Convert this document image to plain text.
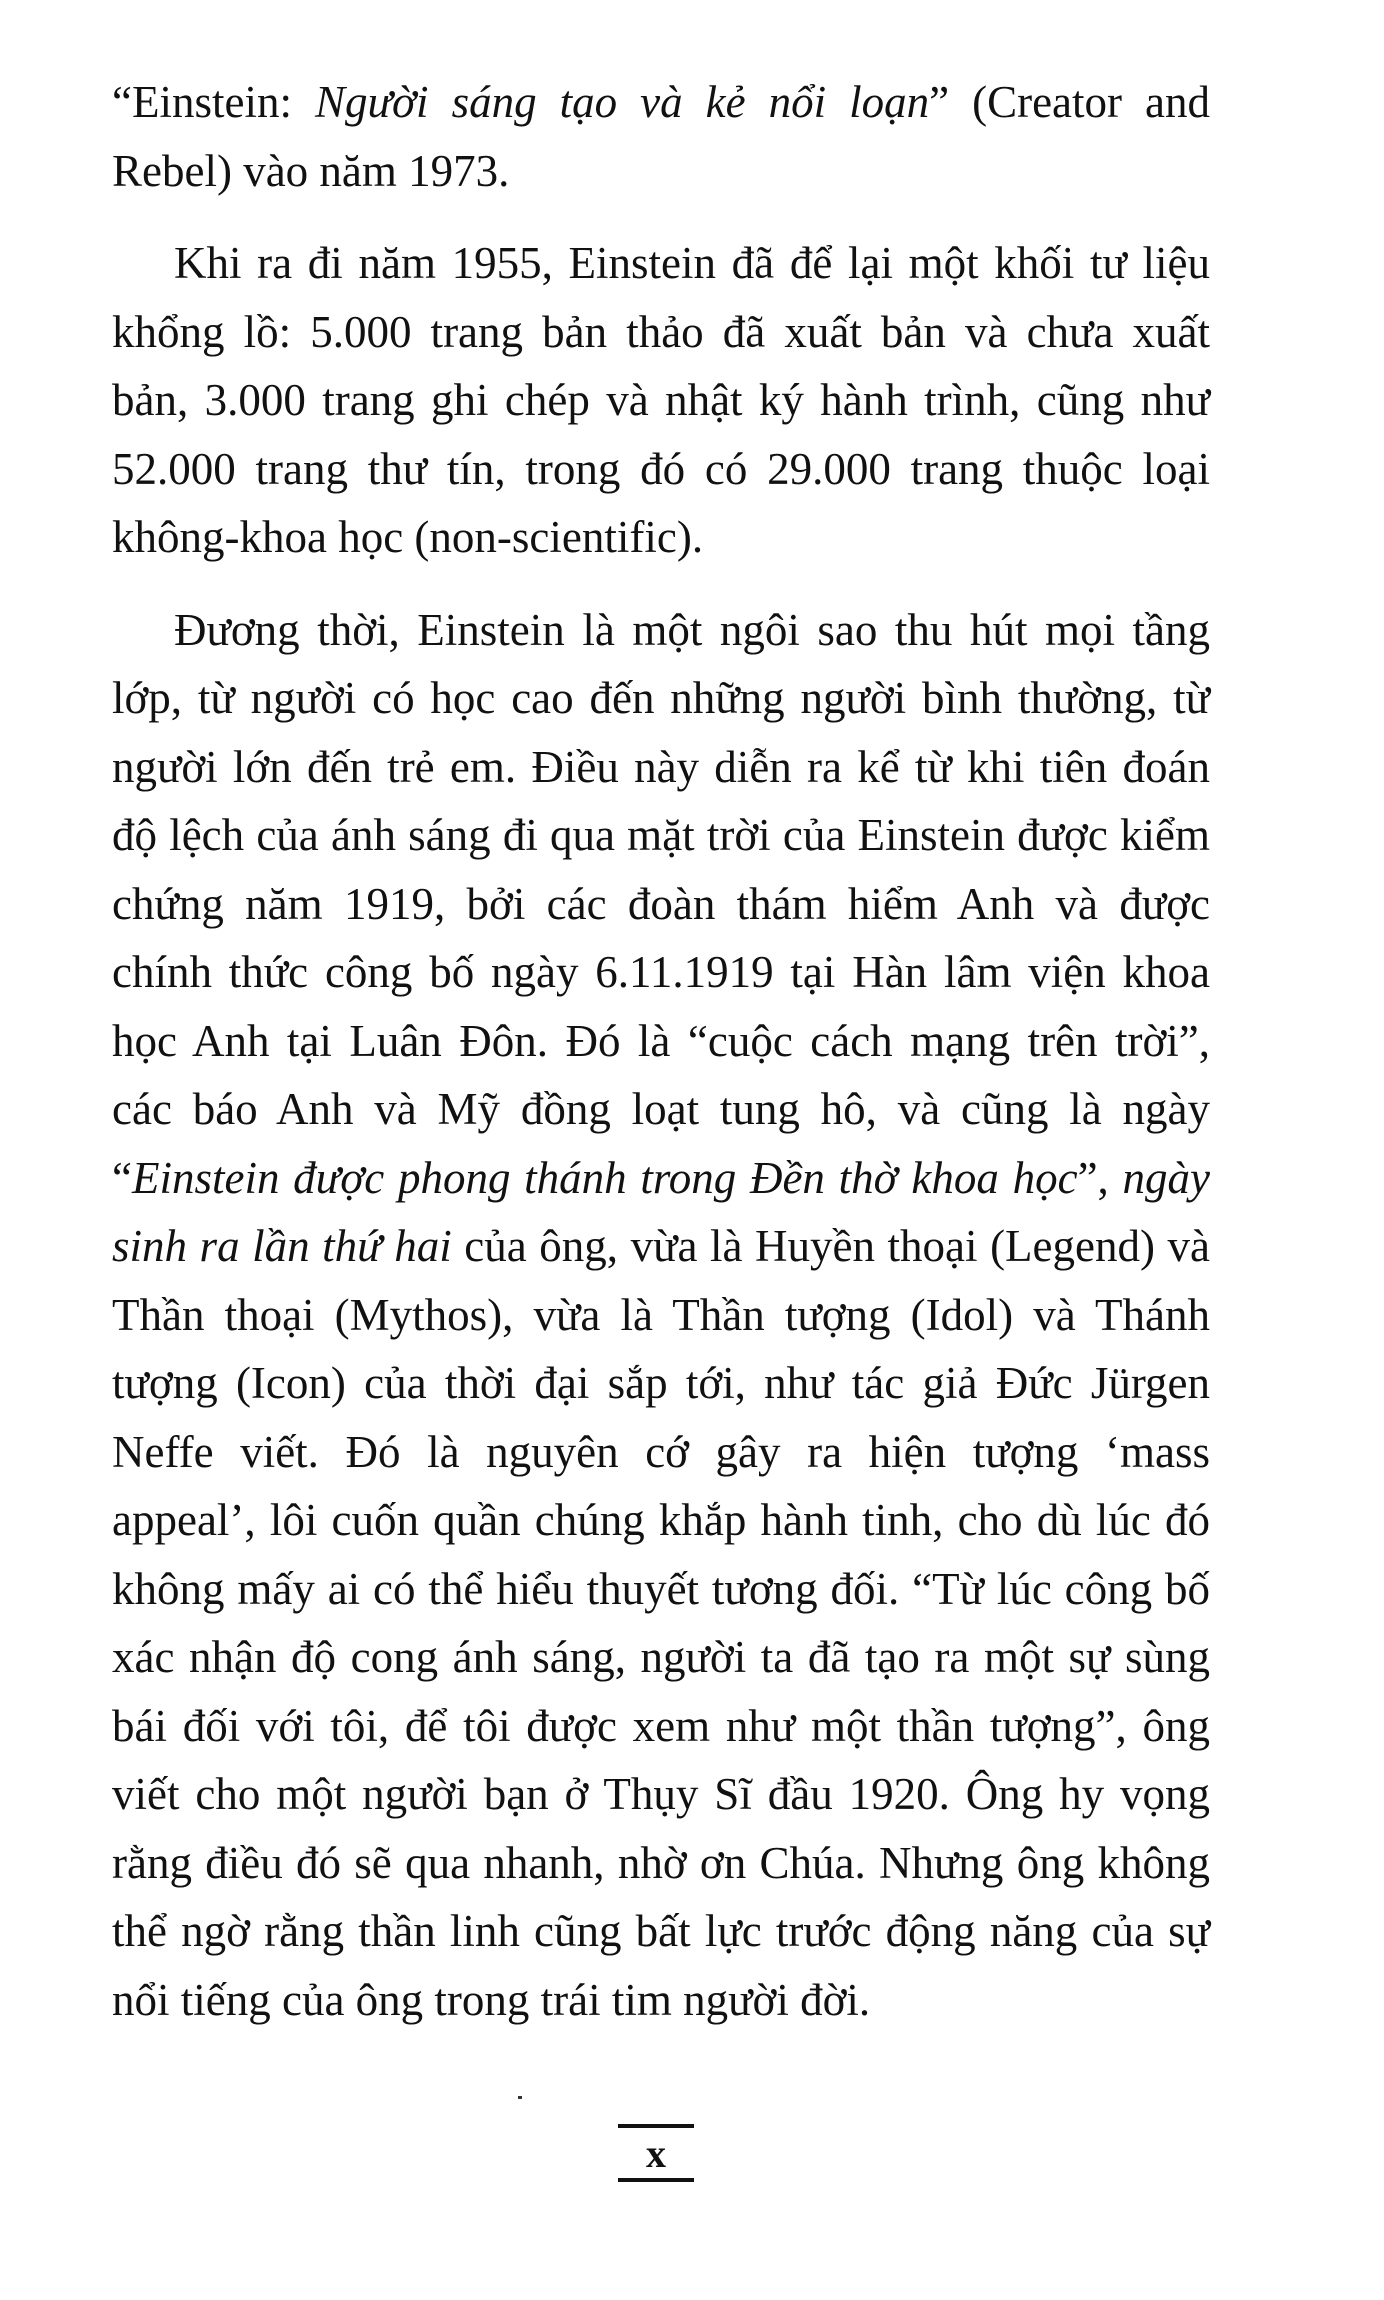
“Einstein: Người sáng tạo và kẻ nổi loạn” (Creator and Rebel) vào năm 1973.

Khi ra đi năm 1955, Einstein đã để lại một khối tư liệu khổng lồ: 5.000 trang bản thảo đã xuất bản và chưa xuất bản, 3.000 trang ghi chép và nhật ký hành trình, cũng như 52.000 trang thư tín, trong đó có 29.000 trang thuộc loại không-khoa học (non-scientific).

Đương thời, Einstein là một ngôi sao thu hút mọi tầng lớp, từ người có học cao đến những người bình thường, từ người lớn đến trẻ em. Điều này diễn ra kể từ khi tiên đoán độ lệch của ánh sáng đi qua mặt trời của Einstein được kiểm chứng năm 1919, bởi các đoàn thám hiểm Anh và được chính thức công bố ngày 6.11.1919 tại Hàn lâm viện khoa học Anh tại Luân Đôn. Đó là “cuộc cách mạng trên trời”, các báo Anh và Mỹ đồng loạt tung hô, và cũng là ngày “Einstein được phong thánh trong Đền thờ khoa học”, ngày sinh ra lần thứ hai của ông, vừa là Huyền thoại (Legend) và Thần thoại (Mythos), vừa là Thần tượng (Idol) và Thánh tượng (Icon) của thời đại sắp tới, như tác giả Đức Jürgen Neffe viết. Đó là nguyên cớ gây ra hiện tượng ‘mass appeal’, lôi cuốn quần chúng khắp hành tinh, cho dù lúc đó không mấy ai có thể hiểu thuyết tương đối. “Từ lúc công bố xác nhận độ cong ánh sáng, người ta đã tạo ra một sự sùng bái đối với tôi, để tôi được xem như một thần tượng”, ông viết cho một người bạn ở Thụy Sĩ đầu 1920. Ông hy vọng rằng điều đó sẽ qua nhanh, nhờ ơn Chúa. Nhưng ông không thể ngờ rằng thần linh cũng bất lực trước động năng của sự nổi tiếng của ông trong trái tim người đời.

x
